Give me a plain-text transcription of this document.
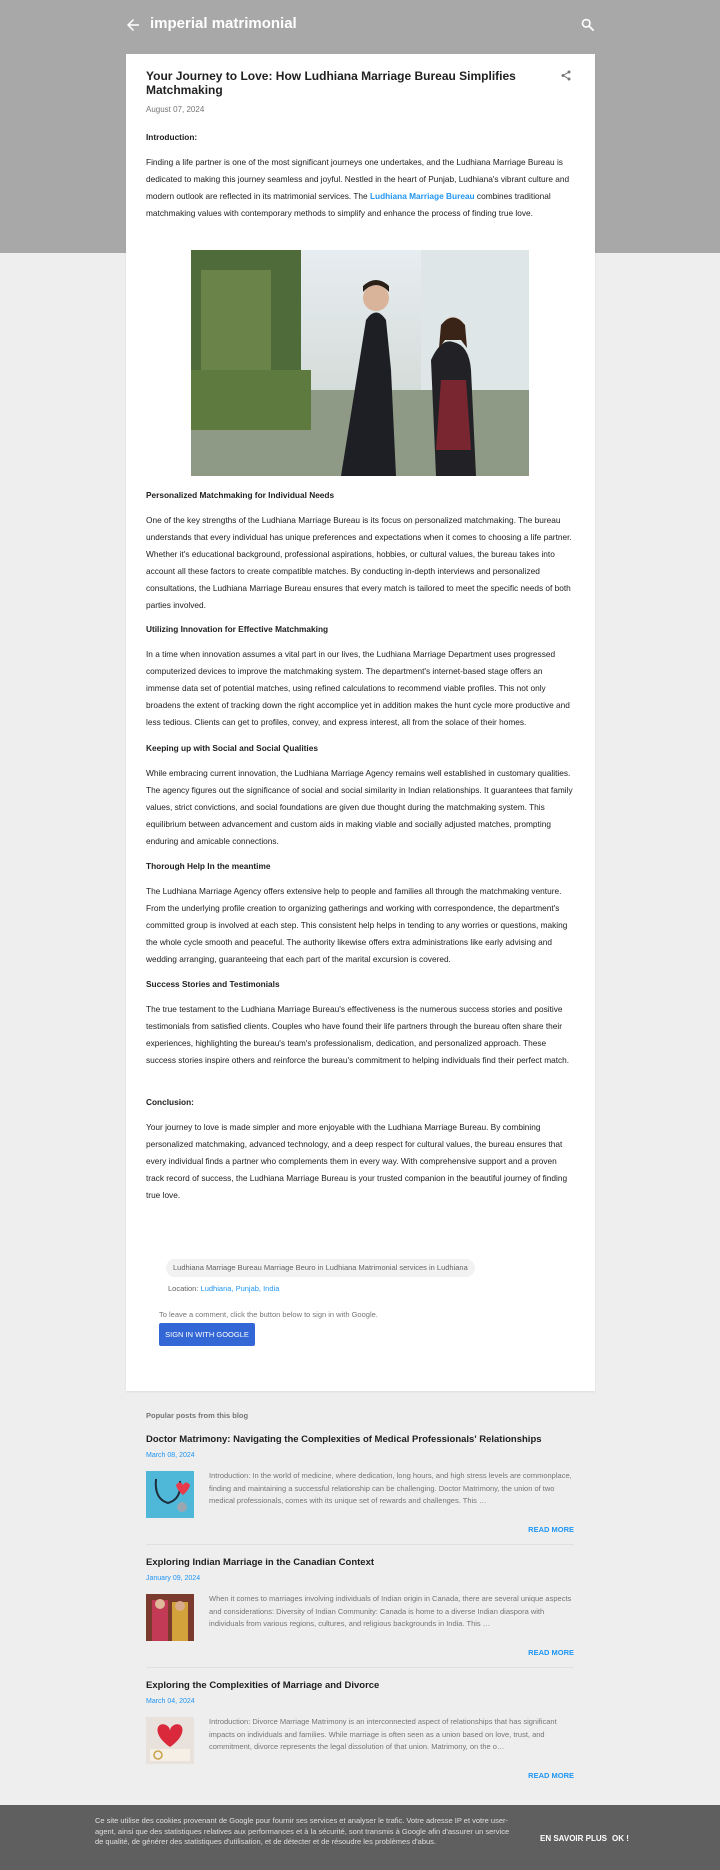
imperial matrimonial
Your Journey to Love: How Ludhiana Marriage Bureau Simplifies Matchmaking
August 07, 2024
Introduction:
Finding a life partner is one of the most significant journeys one undertakes, and the Ludhiana Marriage Bureau is dedicated to making this journey seamless and joyful. Nestled in the heart of Punjab, Ludhiana's vibrant culture and modern outlook are reflected in its matrimonial services. The Ludhiana Marriage Bureau combines traditional matchmaking values with contemporary methods to simplify and enhance the process of finding true love.
Personalized Matchmaking for Individual Needs
One of the key strengths of the Ludhiana Marriage Bureau is its focus on personalized matchmaking. The bureau understands that every individual has unique preferences and expectations when it comes to choosing a life partner. Whether it's educational background, professional aspirations, hobbies, or cultural values, the bureau takes into account all these factors to create compatible matches. By conducting in-depth interviews and personalized consultations, the Ludhiana Marriage Bureau ensures that every match is tailored to meet the specific needs of both parties involved.
Utilizing Innovation for Effective Matchmaking
In a time when innovation assumes a vital part in our lives, the Ludhiana Marriage Department uses progressed computerized devices to improve the matchmaking system. The department's internet-based stage offers an immense data set of potential matches, using refined calculations to recommend viable profiles. This not only broadens the extent of tracking down the right accomplice yet in addition makes the hunt cycle more productive and less tedious. Clients can get to profiles, convey, and express interest, all from the solace of their homes.
Keeping up with Social and Social Qualities
While embracing current innovation, the Ludhiana Marriage Agency remains well established in customary qualities. The agency figures out the significance of social and social similarity in Indian relationships. It guarantees that family values, strict convictions, and social foundations are given due thought during the matchmaking system. This equilibrium between advancement and custom aids in making viable and socially adjusted matches, prompting enduring and amicable connections.
Thorough Help In the meantime
The Ludhiana Marriage Agency offers extensive help to people and families all through the matchmaking venture. From the underlying profile creation to organizing gatherings and working with correspondence, the department's committed group is involved at each step. This consistent help helps in tending to any worries or questions, making the whole cycle smooth and peaceful. The authority likewise offers extra administrations like early advising and wedding arranging, guaranteeing that each part of the marital excursion is covered.
Success Stories and Testimonials
The true testament to the Ludhiana Marriage Bureau's effectiveness is the numerous success stories and positive testimonials from satisfied clients. Couples who have found their life partners through the bureau often share their experiences, highlighting the bureau's team's professionalism, dedication, and personalized approach. These success stories inspire others and reinforce the bureau's commitment to helping individuals find their perfect match.
Conclusion:
Your journey to love is made simpler and more enjoyable with the Ludhiana Marriage Bureau. By combining personalized matchmaking, advanced technology, and a deep respect for cultural values, the bureau ensures that every individual finds a partner who complements them in every way. With comprehensive support and a proven track record of success, the Ludhiana Marriage Bureau is your trusted companion in the beautiful journey of finding true love.
Ludhiana Marriage Bureau Marriage Beuro in Ludhiana Matrimonial services in Ludhiana
Location: Ludhiana, Punjab, India
To leave a comment, click the button below to sign in with Google.
SIGN IN WITH GOOGLE
Popular posts from this blog
Doctor Matrimony: Navigating the Complexities of Medical Professionals' Relationships
March 08, 2024
Introduction: In the world of medicine, where dedication, long hours, and high stress levels are commonplace, finding and maintaining a successful relationship can be challenging. Doctor Matrimony, the union of two medical professionals, comes with its unique set of rewards and challenges. This …
READ MORE
Exploring Indian Marriage in the Canadian Context
January 09, 2024
When it comes to marriages involving individuals of Indian origin in Canada, there are several unique aspects and considerations: Diversity of Indian Community: Canada is home to a diverse Indian diaspora with individuals from various regions, cultures, and religious backgrounds in India. This …
READ MORE
Exploring the Complexities of Marriage and Divorce
March 04, 2024
Introduction: Divorce Marriage Matrimony is an interconnected aspect of relationships that has significant impacts on individuals and families. While marriage is often seen as a union based on love, trust, and commitment, divorce represents the legal dissolution of that union. Matrimony, on the o…
READ MORE
Ce site utilise des cookies provenant de Google pour fournir ses services et analyser le trafic. Votre adresse IP et votre user-agent, ainsi que des statistiques relatives aux performances et à la sécurité, sont transmis à Google afin d'assurer un service de qualité, de générer des statistiques d'utilisation, et de détecter et de résoudre les problèmes d'abus.	EN SAVOIR PLUS OK !
